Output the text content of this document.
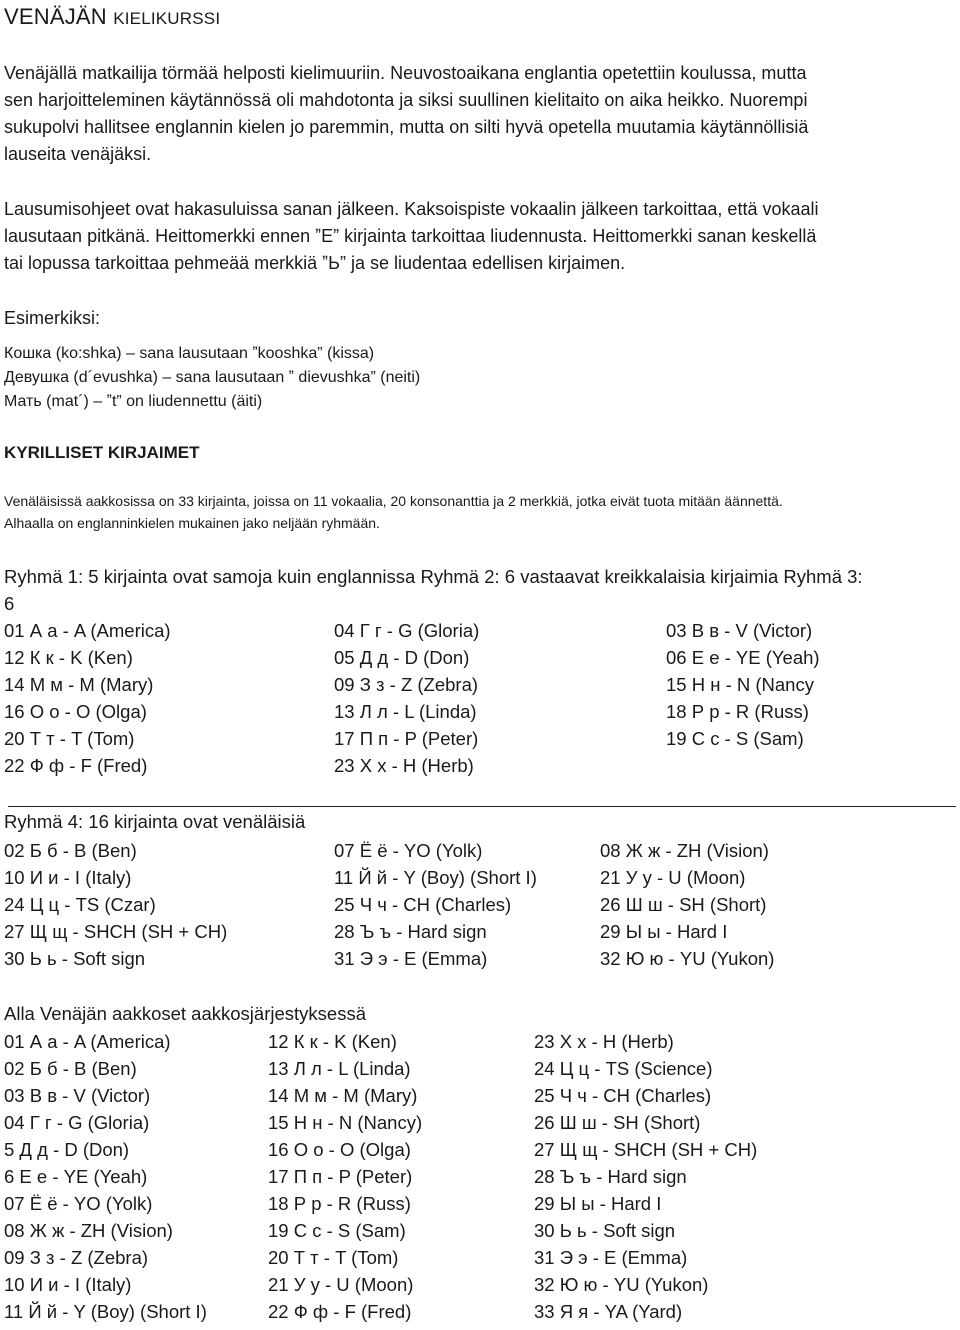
VENÄJÄN KIELIKURSSI
Venäjällä matkailija törmää helposti kielimuuriin. Neuvostoaikana englantia opetettiin koulussa, mutta
sen harjoitteleminen käytännössä oli mahdotonta ja siksi suullinen kielitaito on aika heikko. Nuorempi
sukupolvi hallitsee englannin kielen jo paremmin, mutta on silti hyvä opetella muutamia käytännöllisiä
lauseita venäjäksi.
Lausumisohjeet ovat hakasuluissa sanan jälkeen. Kaksoispiste vokaalin jälkeen tarkoittaa, että vokaali
lausutaan pitkänä. Heittomerkki ennen ˮE” kirjainta tarkoittaa liudennusta. Heittomerkki sanan keskellä
tai lopussa tarkoittaa pehmeää merkkiä ˮЬ” ja se liudentaa edellisen kirjaimen.
Esimerkiksi:
Кошка (ko:shka) – sana lausutaan ˮkooshka” (kissa)
Девушка (d´evushka) – sana lausutaan ˮ dievushka” (neiti)
Мать (mat´) – ˮt” on liudennettu (äiti)
KYRILLISET KIRJAIMET
Venäläisissä aakkosissa on 33 kirjainta, joissa on 11 vokaalia, 20 konsonanttia ja 2 merkkiä, jotka eivät tuota mitään äännettä.
Alhaalla on englanninkielen mukainen jako neljään ryhmään.
Ryhmä 1: 5 kirjainta ovat samoja kuin englannissa Ryhmä 2: 6 vastaavat kreikkalaisia kirjaimia Ryhmä 3:
6
01 А а - A (America)	04 Г г - G (Gloria)	03 В в - V (Victor)
12 К к - K (Ken)	05 Д д - D (Don)	06 Е е - YE (Yeah)
14 М м - M (Mary)	09 З з - Z (Zebra)	15 Н н - N (Nancy
16 О о - O (Olga)	13 Л л - L (Linda)	18 Р р - R (Russ)
20 Т т - T (Tom)	17 П п - P (Peter)	19 С с - S (Sam)
22 Ф ф - F (Fred)	23 Х х - H (Herb)
Ryhmä 4: 16 kirjainta ovat venäläisiä
02 Б б - B (Ben)	07 Ё ё - YO (Yolk)	08 Ж ж - ZH (Vision)
10 И и - I (Italy)	11 Й й - Y (Boy) (Short I)	21 У у - U (Moon)
24 Ц ц - TS (Czar)	25 Ч ч - CH (Charles)	26 Ш ш - SH (Short)
27 Щ щ - SHCH (SH + CH)	28 Ъ ъ - Hard sign	29 Ы ы - Hard I
30 Ь ь - Soft sign	31 Э э - E (Emma)	32 Ю ю - YU (Yukon)
Alla Venäjän aakkoset aakkosjärjestyksessä
01 А а - A (America)	12 К к - K (Ken)	23 Х х - H (Herb)
02 Б б - B (Ben)	13 Л л - L (Linda)	24 Ц ц - TS (Science)
03 В в - V (Victor)	14 М м - M (Mary)	25 Ч ч - CH (Charles)
04 Г г - G (Gloria)	15 Н н - N (Nancy)	26 Ш ш - SH (Short)
5 Д д - D (Don)	16 О о - O (Olga)	27 Щ щ - SHCH (SH + CH)
6 Е е - YE (Yeah)	17 П п - P (Peter)	28 Ъ ъ - Hard sign
07 Ё ё - YO (Yolk)	18 Р р - R (Russ)	29 Ы ы - Hard I
08 Ж ж - ZH (Vision)	19 С с - S (Sam)	30 Ь ь - Soft sign
09 З з - Z (Zebra)	20 Т т - T (Tom)	31 Э э - E (Emma)
10 И и - I (Italy)	21 У у - U (Moon)	32 Ю ю - YU (Yukon)
11 Й й - Y (Boy) (Short I)	22 Ф ф - F (Fred)	33 Я я - YA (Yard)
